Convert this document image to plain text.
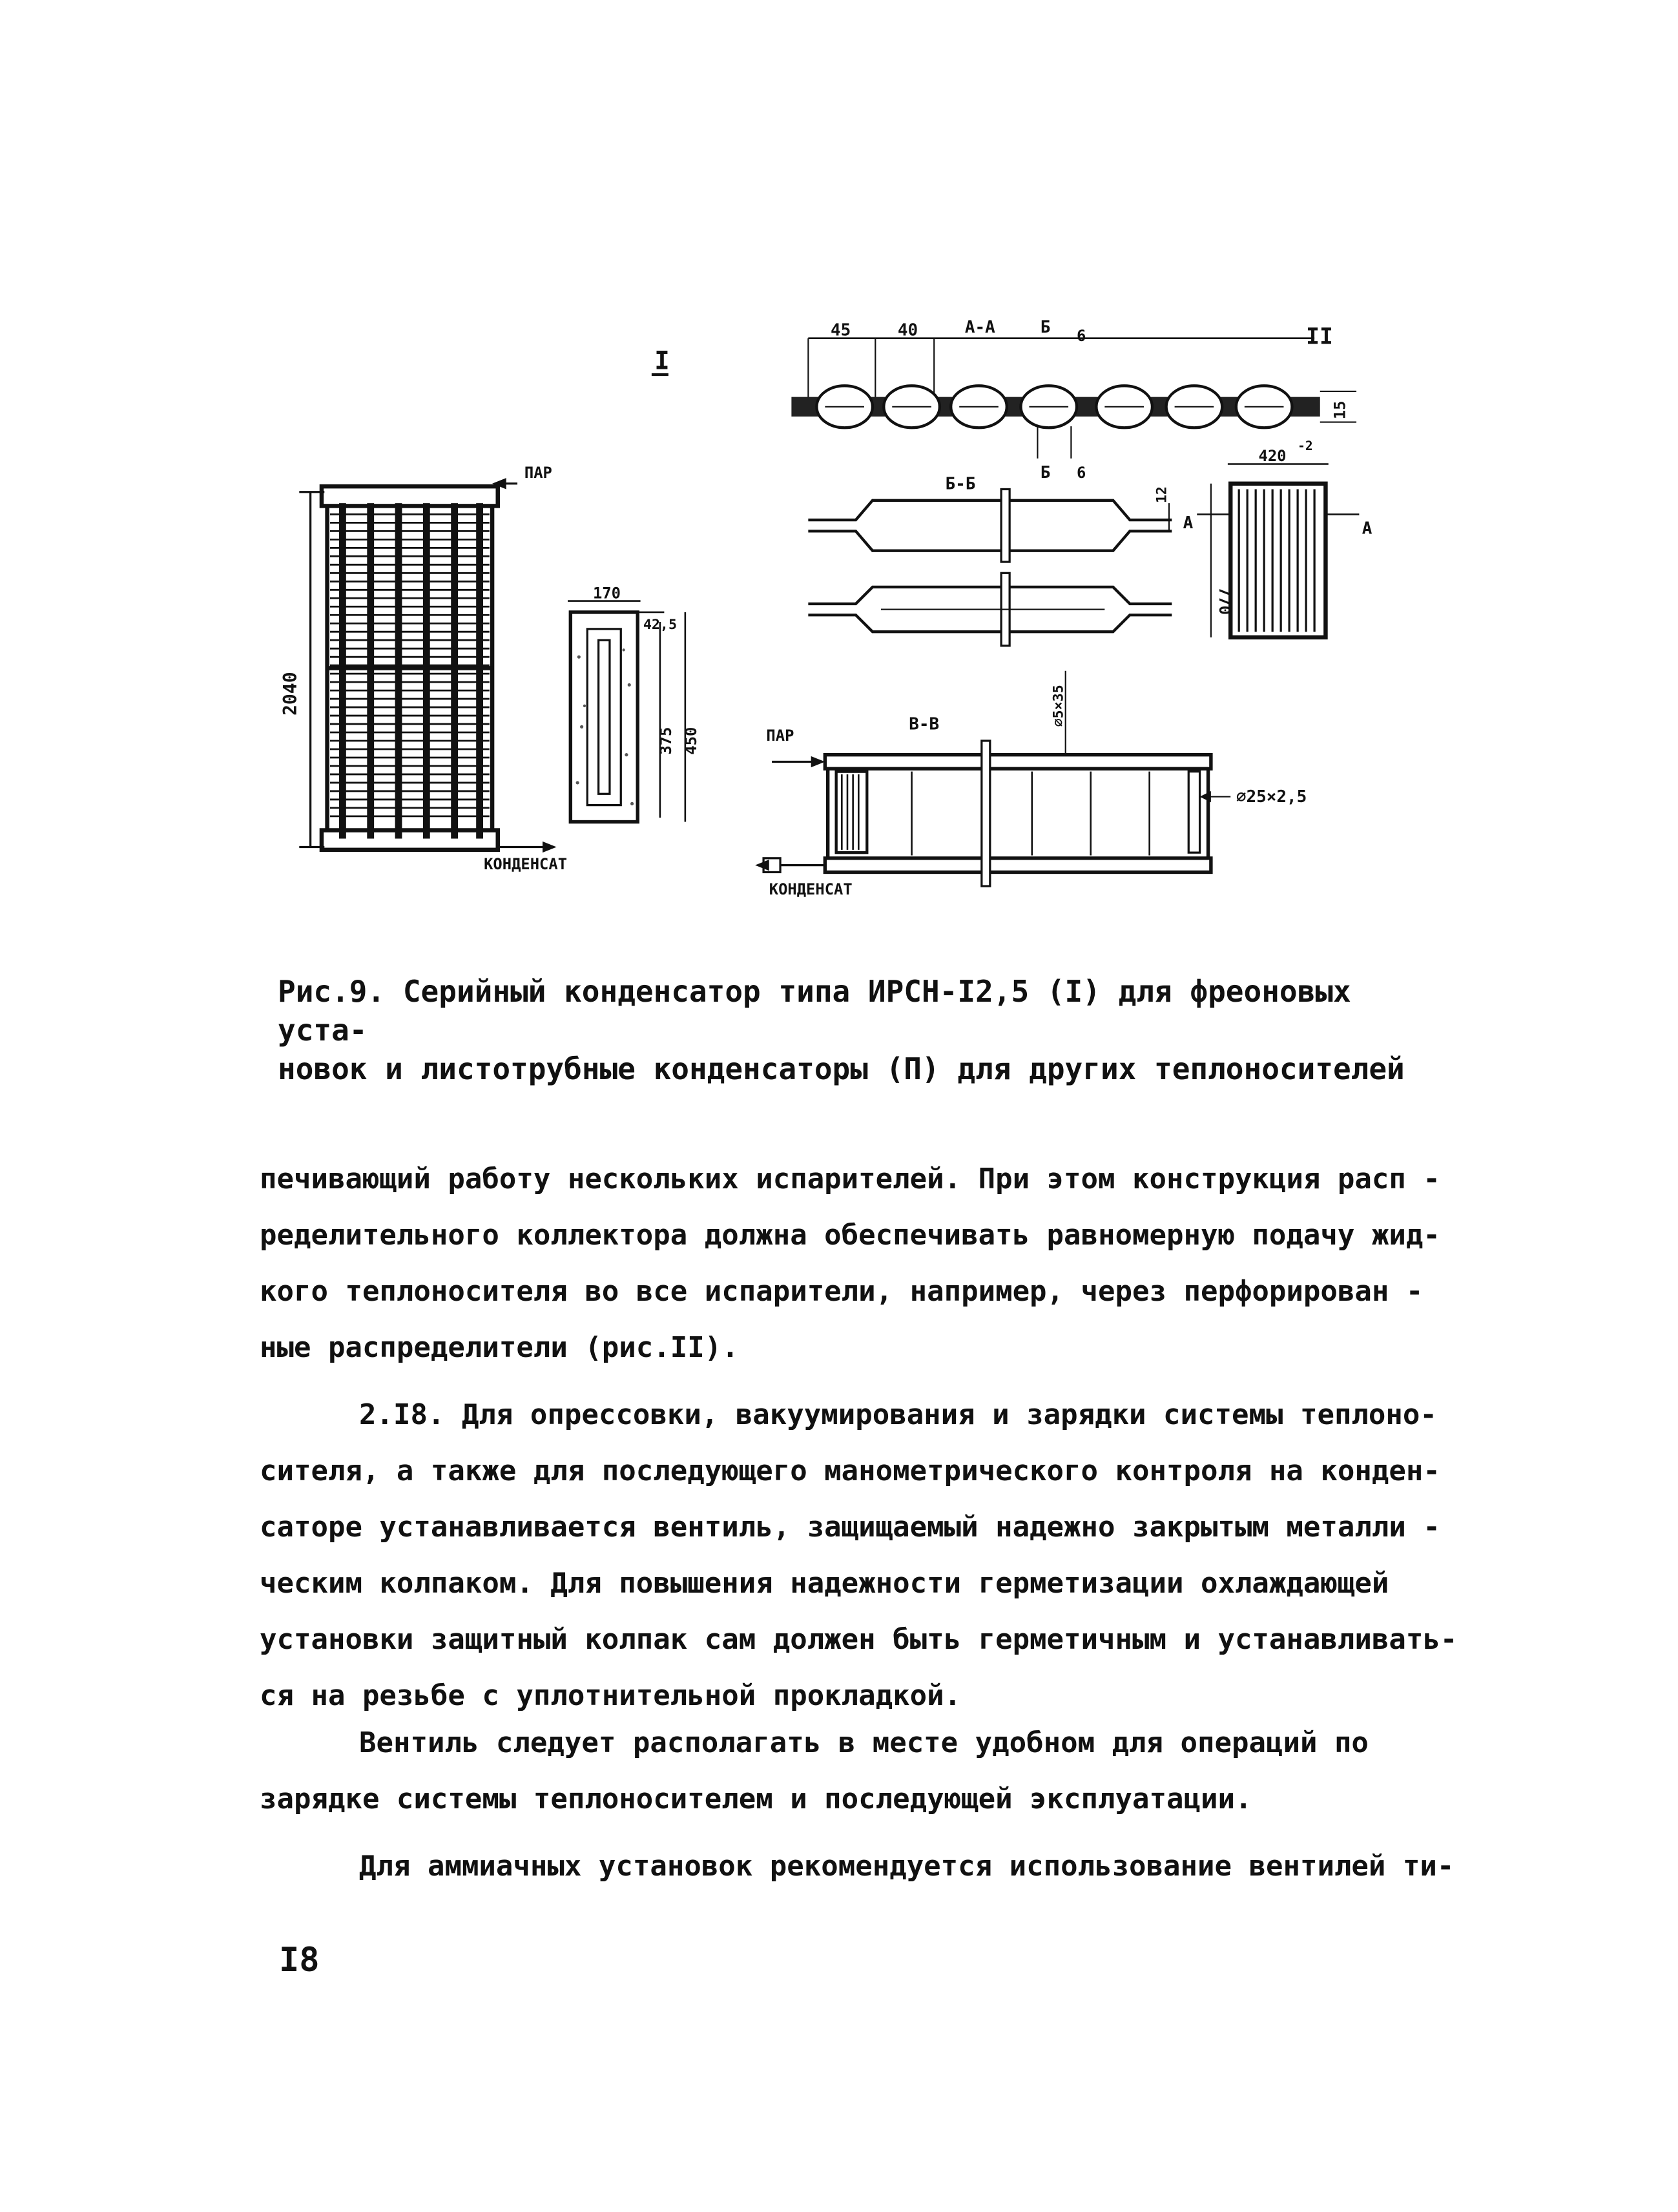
I
2040
ПАР
КОНДЕНСАТ
170
42,5
375 450
II
45	40	А-А	Б	6
15
Б	6
Б-Б
12
А
420
-2
770
А
В-В	⌀5×35
⌀25×2,5
ПАР
КОНДЕНСАТ

Рис.9. Серийный конденсатор типа ИРСН-I2,5 (I) для фреоновых уста-
новок и листотрубные конденсаторы (П) для других теплоносителей

печивающий работу нескольких испарителей. При этом конструкция расп -

ределительного коллектора должна обеспечивать равномерную подачу жид-

кого теплоносителя во все испарители, например, через перфорирован -

ные распределители (рис.II).

2.I8. Для опрессовки, вакуумирования и зарядки системы теплоно-

сителя, а также для последующего манометрического контроля на конден-

саторе устанавливается вентиль, защищаемый надежно закрытым металли -

ческим колпаком. Для повышения надежности герметизации охлаждающей

установки защитный колпак сам должен быть герметичным и устанавливать-

ся на резьбе с уплотнительной прокладкой.

Вентиль следует располагать в месте удобном для операций по

зарядке системы теплоносителем и последующей эксплуатации.

Для аммиачных установок рекомендуется использование вентилей ти-

I8
